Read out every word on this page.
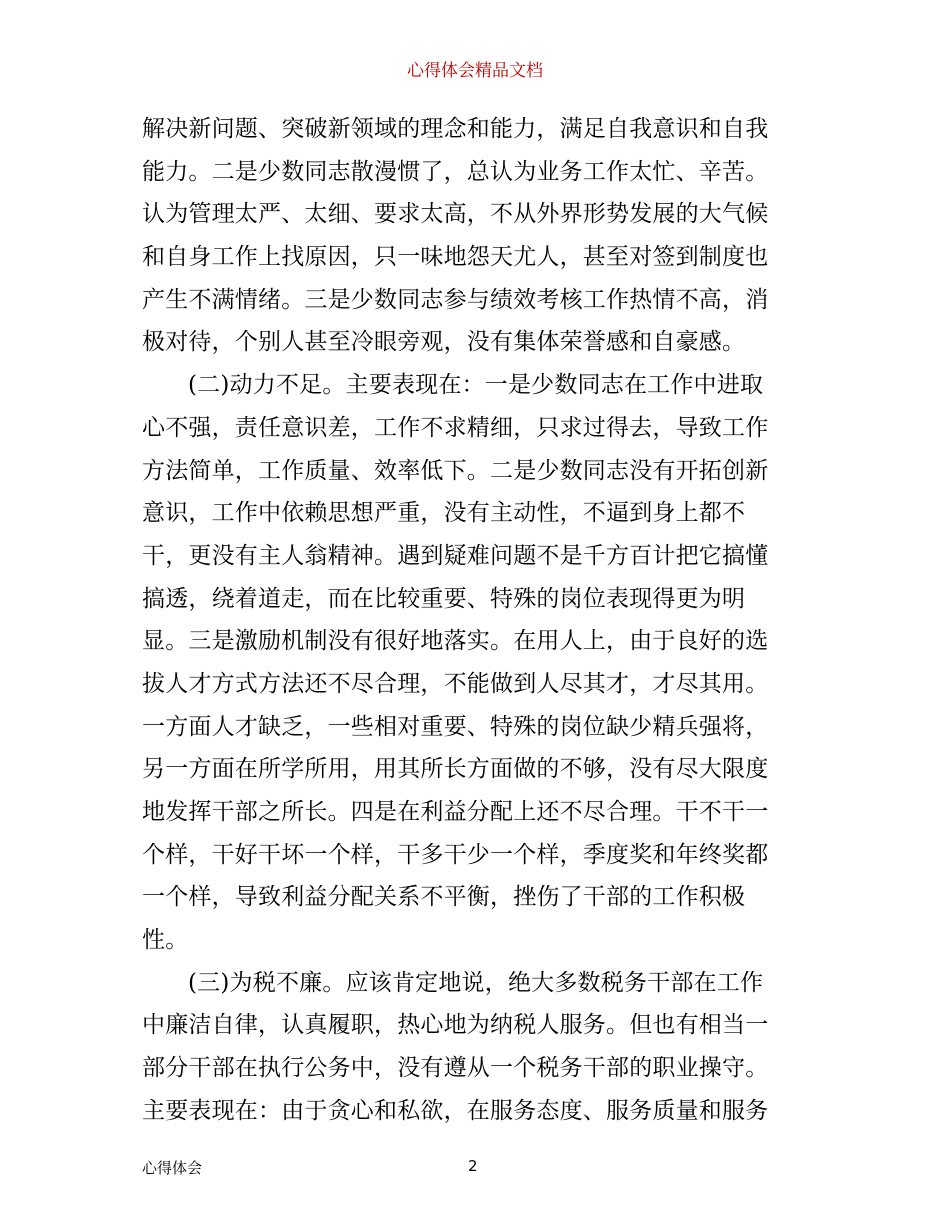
心得体会精品文档
解决新问题、突破新领域的理念和能力，满足自我意识和自我
能力。二是少数同志散漫惯了，总认为业务工作太忙、辛苦。
认为管理太严、太细、要求太高，不从外界形势发展的大气候
和自身工作上找原因，只一味地怨天尤人，甚至对签到制度也
产生不满情绪。三是少数同志参与绩效考核工作热情不高，消
极对待，个别人甚至冷眼旁观，没有集体荣誉感和自豪感。
(二)动力不足。主要表现在：一是少数同志在工作中进取
心不强，责任意识差，工作不求精细，只求过得去，导致工作
方法简单，工作质量、效率低下。二是少数同志没有开拓创新
意识，工作中依赖思想严重，没有主动性，不逼到身上都不
干，更没有主人翁精神。遇到疑难问题不是千方百计把它搞懂
搞透，绕着道走，而在比较重要、特殊的岗位表现得更为明
显。三是激励机制没有很好地落实。在用人上，由于良好的选
拔人才方式方法还不尽合理，不能做到人尽其才，才尽其用。
一方面人才缺乏，一些相对重要、特殊的岗位缺少精兵强将，
另一方面在所学所用，用其所长方面做的不够，没有尽大限度
地发挥干部之所长。四是在利益分配上还不尽合理。干不干一
个样，干好干坏一个样，干多干少一个样，季度奖和年终奖都
一个样，导致利益分配关系不平衡，挫伤了干部的工作积极
性。
(三)为税不廉。应该肯定地说，绝大多数税务干部在工作
中廉洁自律，认真履职，热心地为纳税人服务。但也有相当一
部分干部在执行公务中，没有遵从一个税务干部的职业操守。
主要表现在：由于贪心和私欲，在服务态度、服务质量和服务
心得体会	2
